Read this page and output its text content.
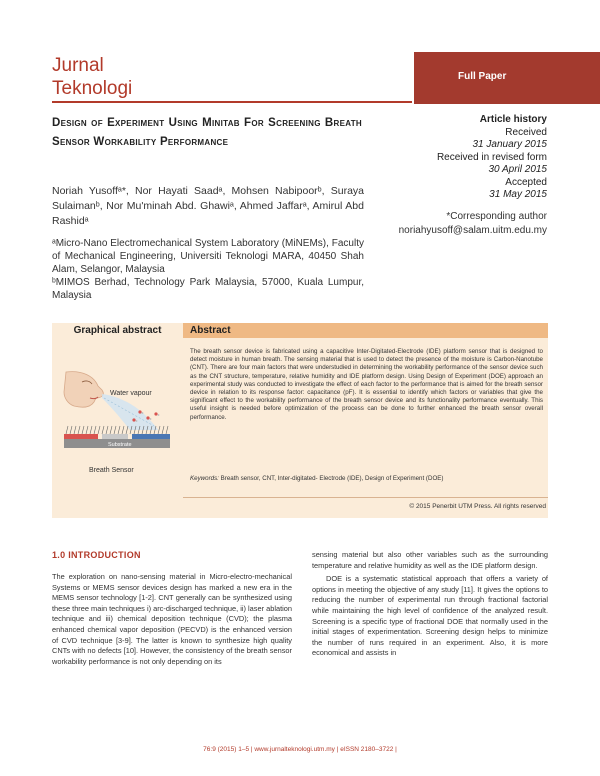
Jurnal
Teknologi
Full Paper
Design of Experiment Using Minitab For Screening Breath Sensor Workability Performance
Article history
Received
31 January 2015
Received in revised form
30 April 2015
Accepted
31 May 2015
Noriah Yusoffᵃ*, Nor Hayati Saadᵃ, Mohsen Nabipoorᵇ, Suraya Sulaimanᵇ, Nor Mu'minah Abd. Ghawiᵃ, Ahmed Jaffarᵃ, Amirul Abd Rashidᵃ	*Corresponding author
noriahyusoff@salam.uitm.edu.my
ᵃMicro-Nano Electromechanical System Laboratory (MiNEMs), Faculty of Mechanical Engineering, Universiti Teknologi MARA, 40450 Shah Alam, Selangor, Malaysia
ᵇMIMOS Berhad, Technology Park Malaysia, 57000, Kuala Lumpur, Malaysia
Graphical abstract	Abstract
The breath sensor device is fabricated using a capacitive Inter-Digitated-Electrode (IDE) platform sensor that is designed to detect moisture in human breath. The sensing material that is used to detect the presence of the moisture is Carbon-Nanotube (CNT). There are four main factors that were understudied in determining the workability performance of the sensor device such as the CNT structure, temperature, relative humidity and IDE platform design. Using Design of Experiment (DOE) approach an experimental study was conducted to investigate the effect of each factor to the performance that is aimed for the breath sensor device in relation to its response factor: capacitance (pF). It is essential to identify which factors or variables that give the significant effect to the workability performance of the breath sensor device and its functionality performance eventually. This useful insight is needed before optimization of the process can be done to further enhanced the breath sensor overall performance.
Keywords: Breath sensor, CNT, Inter-digitated- Electrode (IDE), Design of Experiment (DOE)
© 2015 Penerbit UTM Press. All rights reserved
Water vapour
Substrate
Breath Sensor
1.0 INTRODUCTION

The exploration on nano-sensing material in Micro-electro-mechanical Systems or MEMS sensor devices design has marked a new era in the MEMS sensor technology [1-2]. CNT generally can be synthesized using these three main techniques i) arc-discharged technique, ii) laser ablation technique and iii) chemical deposition technique (CVD); the plasma enhanced chemical vapor deposition (PECVD) is the enhanced version of CVD technique [3-9]. The latter is known to synthesize high quality CNTs with no defects [10]. However, the consistency of the breath sensor workability performance is not only depending on its

sensing material but also other variables such as the surrounding temperature and relative humidity as well as the IDE platform design.

DOE is a systematic statistical approach that offers a variety of options in meeting the objective of any study [11]. It gives the options to reducing the number of experimental run through fractional factorial while maintaining the high level of confidence of the analyzed result. Screening is a specific type of fractional DOE that normally used in the initial stages of experimentation. Screening design helps to minimize the number of runs required in an experiment. Also, it is more economical and assists in

76:9 (2015) 1–5 | www.jurnalteknologi.utm.my | eISSN 2180–3722 |
